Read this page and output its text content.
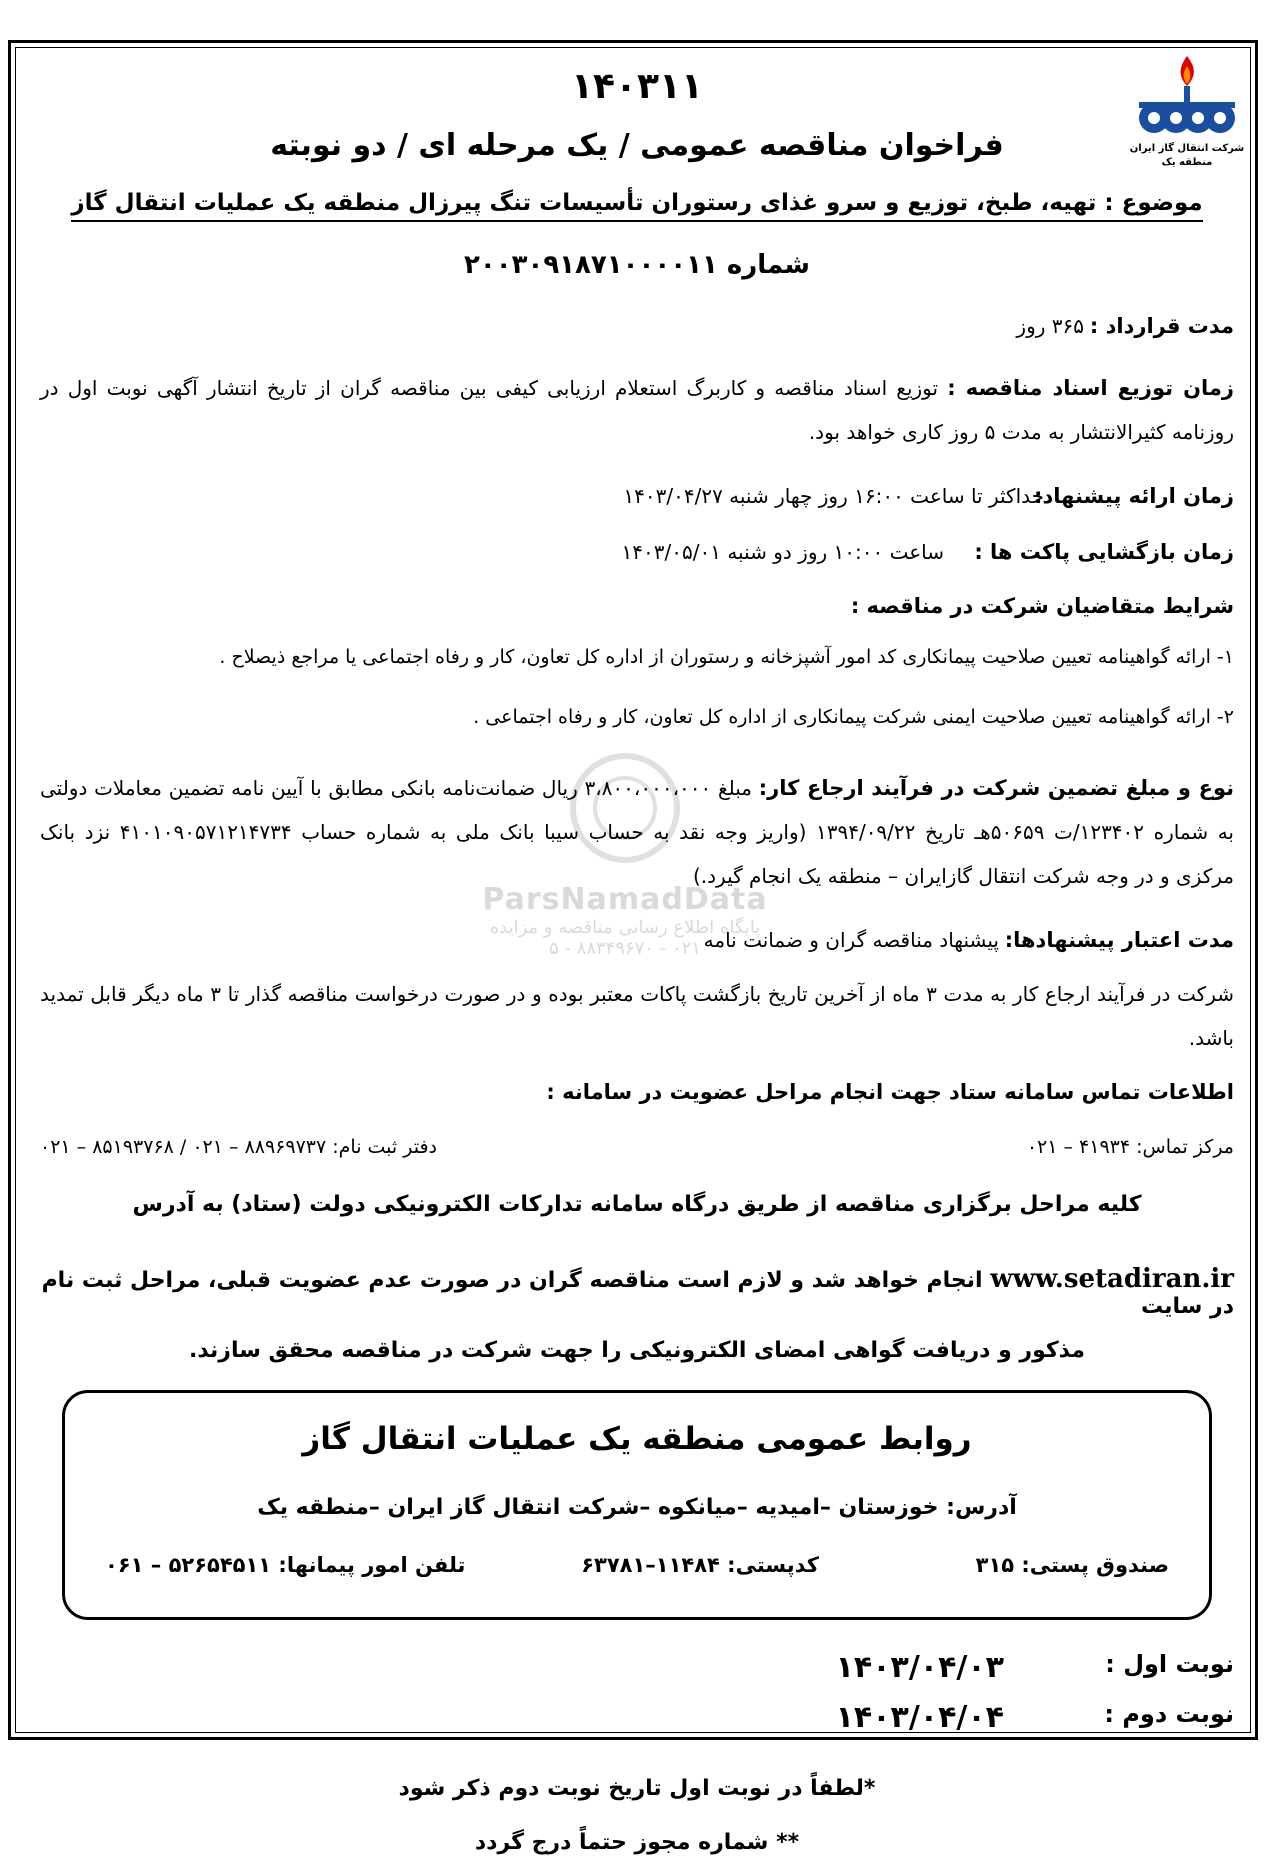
ParsNamadData
پایگاه اطلاع رسانی مناقصه و مزایده
۰۲۱ - ۸۸۳۴۹۶۷۰ - ۵
شرکت انتقال گاز ایران
منطقه یک
۱۴۰۳۱۱
فراخوان مناقصه عمومی / یک مرحله ای / دو نوبته
موضوع : تهیه، طبخ، توزیع و سرو غذای رستوران تأسیسات تنگ پیرزال منطقه یک عملیات انتقال گاز
شماره ۲۰۰۳۰۹۱۸۷۱۰۰۰۰۱۱
مدت قرارداد :
۳۶۵ روز
زمان توزیع اسناد مناقصه : توزیع اسناد مناقصه و کاربرگ استعلام ارزیابی کیفی بین مناقصه گران از تاریخ انتشار آگهی نوبت اول در روزنامه کثیرالانتشار به مدت ۵ روز کاری خواهد بود.
زمان ارائه پیشنهاد:
حداکثر تا ساعت ۱۶:۰۰ روز چهار شنبه ۱۴۰۳/۰۴/۲۷
زمان بازگشایی پاکت ها :
ساعت ۱۰:۰۰ روز دو شنبه ۱۴۰۳/۰۵/۰۱
شرایط متقاضیان شرکت در مناقصه :
۱- ارائه گواهینامه تعیین صلاحیت پیمانکاری کد امور آشپزخانه و رستوران از اداره کل تعاون، کار و رفاه اجتماعی یا مراجع ذیصلاح .
۲- ارائه گواهینامه تعیین صلاحیت ایمنی شرکت پیمانکاری از اداره کل تعاون، کار و رفاه اجتماعی .
نوع و مبلغ تضمین شرکت در فرآیند ارجاع کار: مبلغ ۳،۸۰۰،۰۰۰،۰۰۰ ریال ضمانت‌نامه بانکی مطابق با آیین نامه تضمین معاملات دولتی به شماره ۱۲۳۴۰۲/ت ۵۰۶۵۹هـ تاریخ ۱۳۹۴/۰۹/۲۲ (واریز وجه نقد به حساب سیبا بانک ملی به شماره حساب ۴۱۰۱۰۹۰۵۷۱۲۱۴۷۳۴ نزد بانک مرکزی و در وجه شرکت انتقال گازایران – منطقه یک انجام گیرد.)
مدت اعتبار پیشنهادها:
پیشنهاد مناقصه گران و ضمانت نامه
شرکت در فرآیند ارجاع کار به مدت ۳ ماه از آخرین تاریخ بازگشت پاکات معتبر بوده و در صورت درخواست مناقصه گذار تا ۳ ماه دیگر قابل تمدید باشد.
اطلاعات تماس سامانه ستاد جهت انجام مراحل عضویت در سامانه :
مرکز تماس: ۴۱۹۳۴ – ۰۲۱
دفتر ثبت نام: ۸۸۹۶۹۷۳۷ – ۰۲۱ / ۸۵۱۹۳۷۶۸ – ۰۲۱
کلیه مراحل برگزاری مناقصه از طریق درگاه سامانه تدارکات الکترونیکی دولت (ستاد) به آدرس
www.setadiran.ir انجام خواهد شد و لازم است مناقصه گران در صورت عدم عضویت قبلی، مراحل ثبت نام در سایت
مذکور و دریافت گواهی امضای الکترونیکی را جهت شرکت در مناقصه محقق سازند.
روابط عمومی منطقه یک عملیات انتقال گاز
آدرس: خوزستان –امیدیه –میانکوه –شرکت انتقال گاز ایران –منطقه یک
صندوق پستی: ۳۱۵
کدپستی: ۱۱۴۸۴–۶۳۷۸۱
تلفن امور پیمانها: ۵۲۶۵۴۵۱۱ – ۰۶۱
نوبت اول :
۱۴۰۳/۰۴/۰۳
نوبت دوم :
۱۴۰۳/۰۴/۰۴
*لطفاً در نوبت اول تاریخ نوبت دوم ذکر شود
** شماره مجوز حتماً درج گردد
